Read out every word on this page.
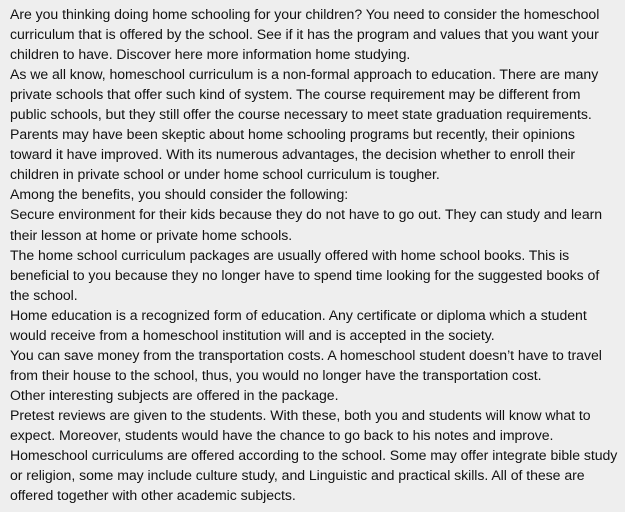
Are you thinking doing home schooling for your children? You need to consider the homeschool curriculum that is offered by the school. See if it has the program and values that you want your children to have. Discover here more information home studying.

As we all know, homeschool curriculum is a non-formal approach to education. There are many private schools that offer such kind of system. The course requirement may be different from public schools, but they still offer the course necessary to meet state graduation requirements.

Parents may have been skeptic about home schooling programs but recently, their opinions toward it have improved. With its numerous advantages, the decision whether to enroll their children in private school or under home school curriculum is tougher.

Among the benefits, you should consider the following:

Secure environment for their kids because they do not have to go out. They can study and learn their lesson at home or private home schools.

The home school curriculum packages are usually offered with home school books. This is beneficial to you because they no longer have to spend time looking for the suggested books of the school.

Home education is a recognized form of education. Any certificate or diploma which a student would receive from a homeschool institution will and is accepted in the society.

You can save money from the transportation costs. A homeschool student doesn’t have to travel from their house to the school, thus, you would no longer have the transportation cost.

Other interesting subjects are offered in the package.

Pretest reviews are given to the students. With these, both you and students will know what to expect. Moreover, students would have the chance to go back to his notes and improve.

Homeschool curriculums are offered according to the school. Some may offer integrate bible study or religion, some may include culture study, and Linguistic and practical skills. All of these are offered together with other academic subjects.
